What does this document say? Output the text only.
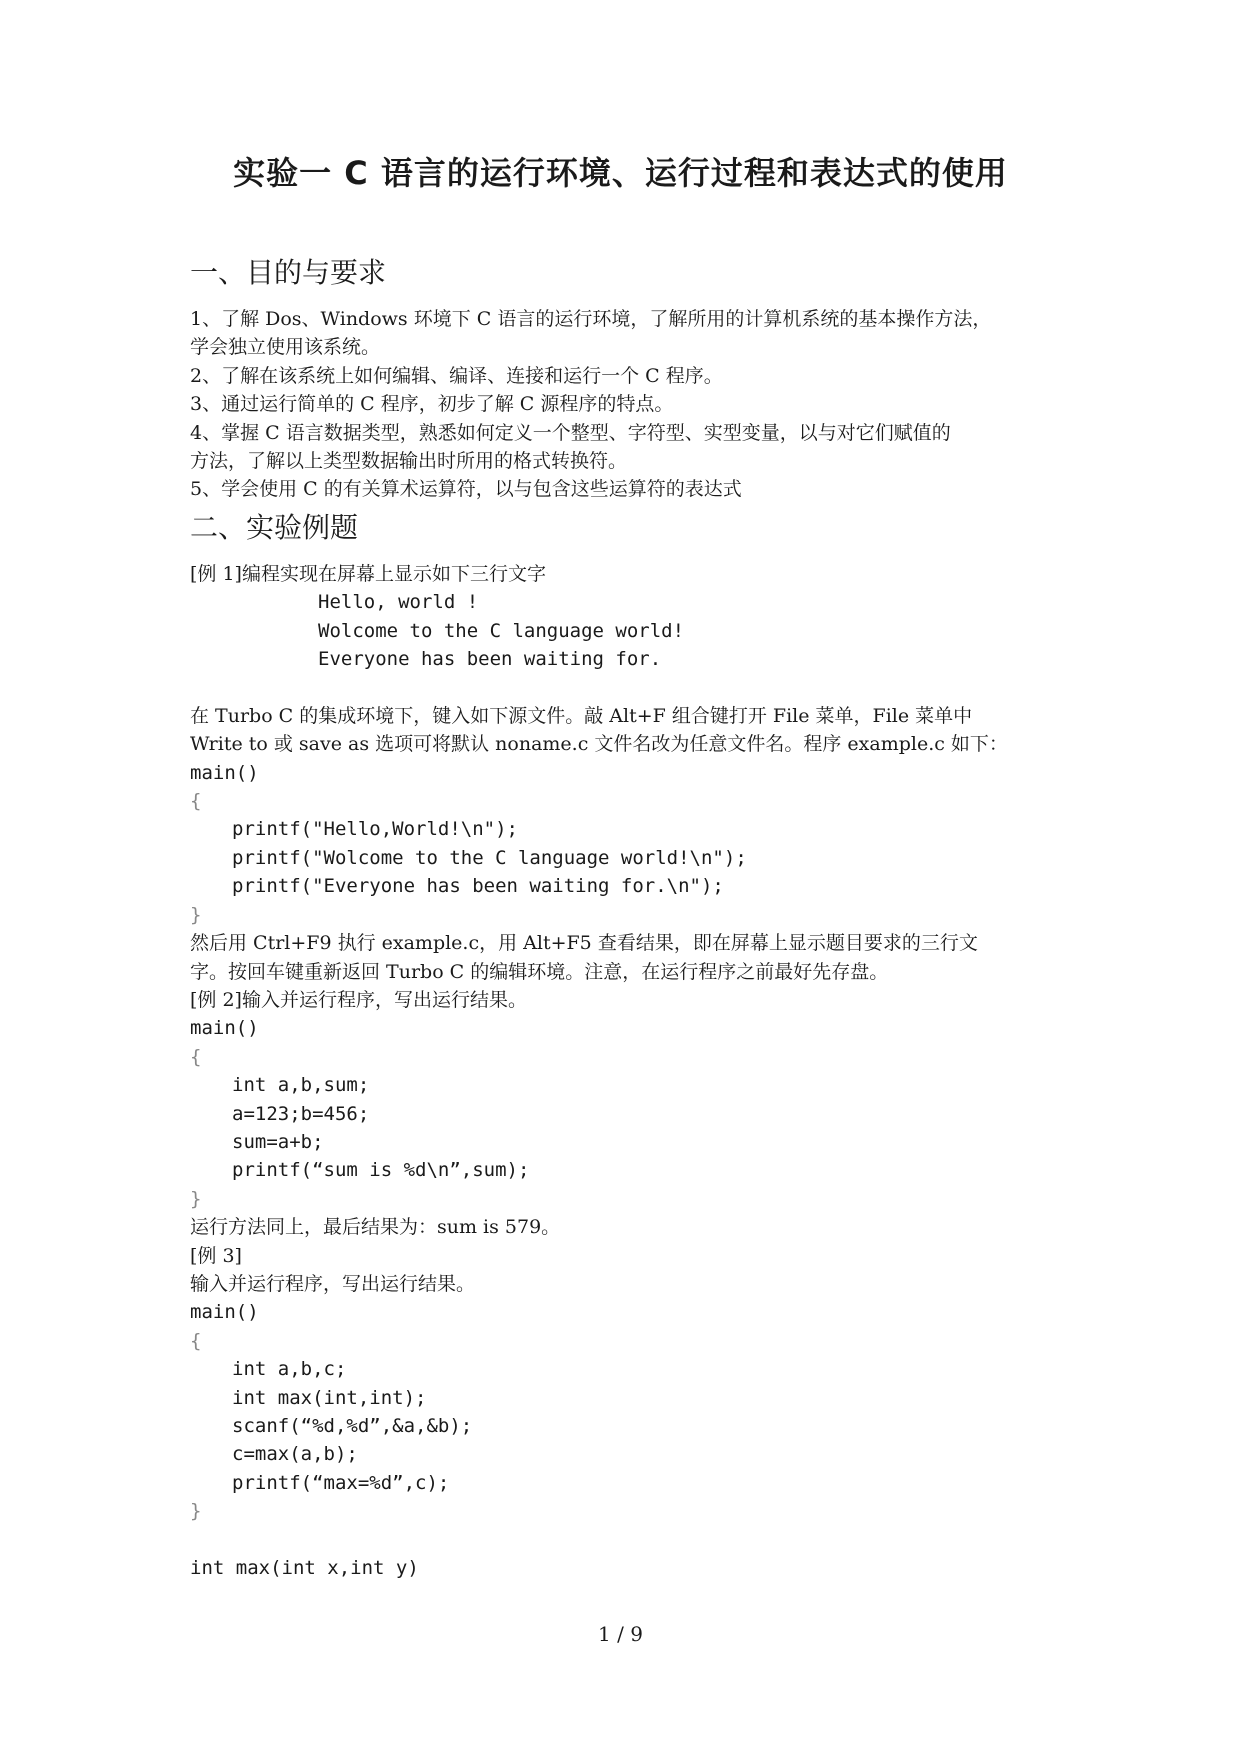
实验一 C 语言的运行环境、运行过程和表达式的使用
一、目的与要求
1、了解 Dos、Windows 环境下 C 语言的运行环境，了解所用的计算机系统的基本操作方法，
学会独立使用该系统。
2、了解在该系统上如何编辑、编译、连接和运行一个 C 程序。
3、通过运行简单的 C 程序，初步了解 C 源程序的特点。
4、掌握 C 语言数据类型，熟悉如何定义一个整型、字符型、实型变量，以与对它们赋值的
方法，了解以上类型数据输出时所用的格式转换符。
5、学会使用 C 的有关算术运算符，以与包含这些运算符的表达式
二、实验例题
[例 1]编程实现在屏幕上显示如下三行文字
Hello, world !
Wolcome to the C language world!
Everyone has been waiting for.
在 Turbo C 的集成环境下，键入如下源文件。敲 Alt+F 组合键打开 File 菜单，File 菜单中
Write to 或 save as 选项可将默认 noname.c 文件名改为任意文件名。程序 example.c 如下：
main()
{
printf("Hello,World!\n");
printf("Wolcome to the C language world!\n");
printf("Everyone has been waiting for.\n");
}
然后用 Ctrl+F9 执行 example.c，用 Alt+F5 查看结果，即在屏幕上显示题目要求的三行文
字。按回车键重新返回 Turbo C 的编辑环境。注意，在运行程序之前最好先存盘。
[例 2]输入并运行程序，写出运行结果。
main()
{
int a,b,sum;
a=123;b=456;
sum=a+b;
printf(“sum is %d\n”,sum);
}
运行方法同上，最后结果为：sum is 579。
[例 3]
输入并运行程序，写出运行结果。
main()
{
int a,b,c;
int max(int,int);
scanf(“%d,%d”,&a,&b);
c=max(a,b);
printf(“max=%d”,c);
}
int max(int x,int y)
1 / 9
